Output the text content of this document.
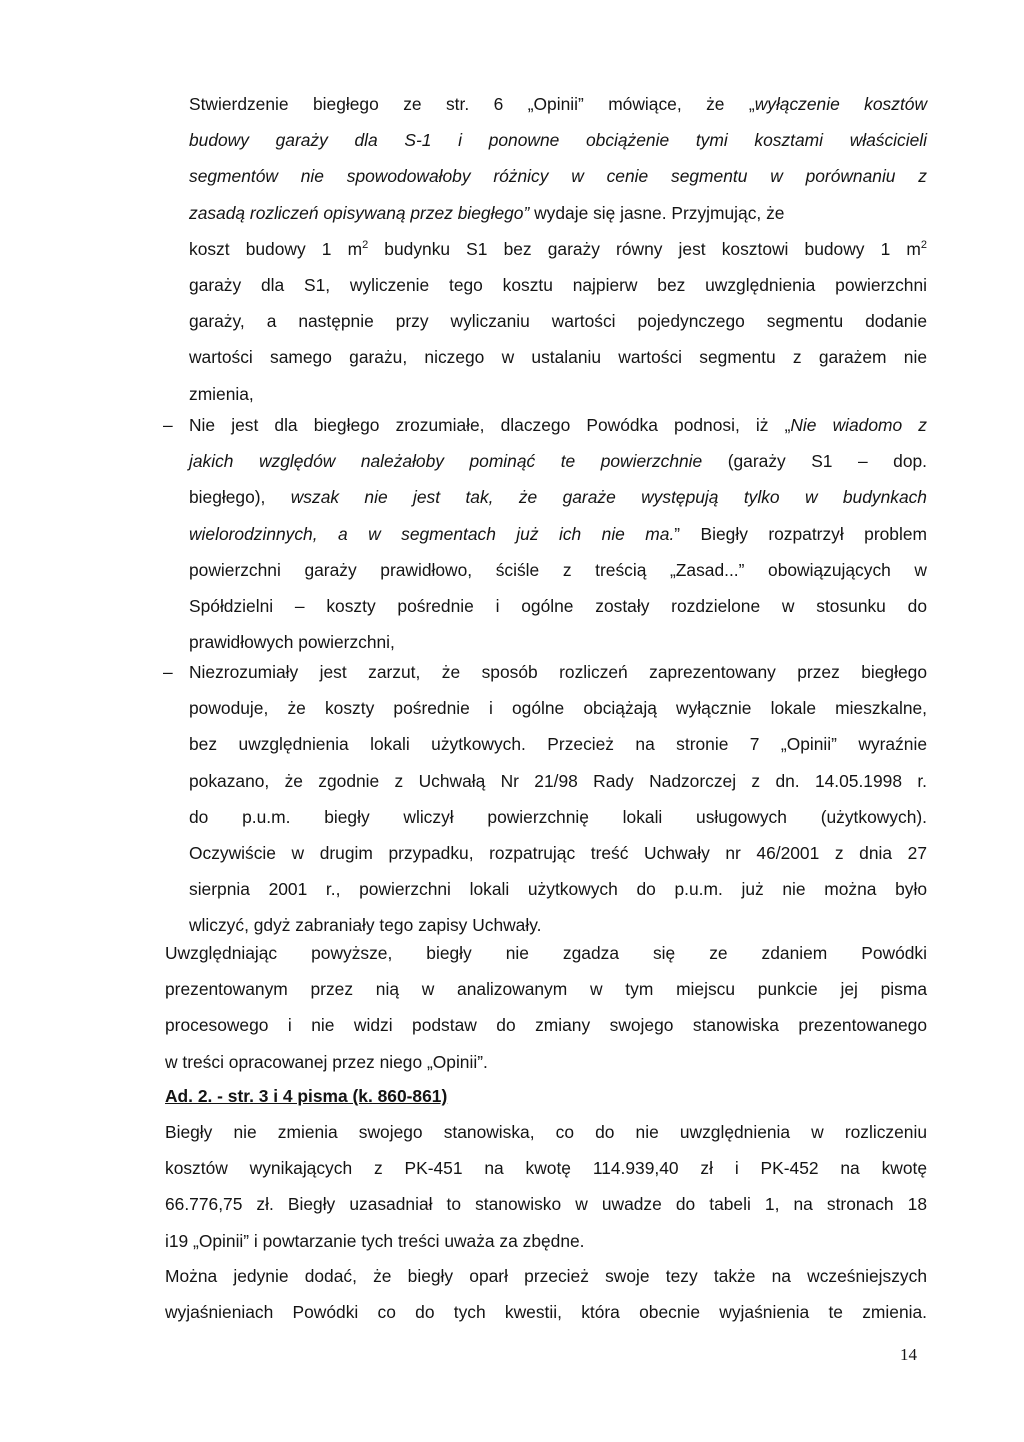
Stwierdzenie biegłego ze str. 6 „Opinii” mówiące, że „wyłączenie kosztów
budowy garaży dla S-1 i ponowne obciążenie tymi kosztami właścicieli
segmentów nie spowodowałoby różnicy w cenie segmentu w porównaniu z
zasadą rozliczeń opisywaną przez biegłego” wydaje się jasne. Przyjmując, że
koszt budowy 1 $m^2$ budynku S1 bez garaży równy jest kosztowi budowy 1 $m^2$
garaży dla S1, wyliczenie tego kosztu najpierw bez uwzględnienia powierzchni
garaży, a następnie przy wyliczaniu wartości pojedynczego segmentu dodanie
wartości samego garażu, niczego w ustalaniu wartości segmentu z garażem nie
zmienia,
– Nie jest dla biegłego zrozumiałe, dlaczego Powódka podnosi, iż „Nie wiadomo z
jakich względów należałoby pominąć te powierzchnie (garaży S1 – dop.
biegłego), wszak nie jest tak, że garaże występują tylko w budynkach
wielorodzinnych, a w segmentach już ich nie ma.” Biegły rozpatrzył problem
powierzchni garaży prawidłowo, ściśle z treścią „Zasad...” obowiązujących w
Spółdzielni – koszty pośrednie i ogólne zostały rozdzielone w stosunku do
prawidłowych powierzchni,
– Niezrozumiały jest zarzut, że sposób rozliczeń zaprezentowany przez biegłego
powoduje, że koszty pośrednie i ogólne obciążają wyłącznie lokale mieszkalne,
bez uwzględnienia lokali użytkowych. Przecież na stronie 7 „Opinii” wyraźnie
pokazano, że zgodnie z Uchwałą Nr 21/98 Rady Nadzorczej z dn. 14.05.1998 r.
do p.u.m. biegły wliczył powierzchnię lokali usługowych (użytkowych).
Oczywiście w drugim przypadku, rozpatrując treść Uchwały nr 46/2001 z dnia 27
sierpnia 2001 r., powierzchni lokali użytkowych do p.u.m. już nie można było
wliczyć, gdyż zabraniały tego zapisy Uchwały.
Uwzględniając powyższe, biegły nie zgadza się ze zdaniem Powódki
prezentowanym przez nią w analizowanym w tym miejscu punkcie jej pisma
procesowego i nie widzi podstaw do zmiany swojego stanowiska prezentowanego
w treści opracowanej przez niego „Opinii”.
Ad. 2. - str. 3 i 4 pisma (k. 860-861)
Biegły nie zmienia swojego stanowiska, co do nie uwzględnienia w rozliczeniu
kosztów wynikających z PK-451 na kwotę 114.939,40 zł i PK-452 na kwotę
66.776,75 zł. Biegły uzasadniał to stanowisko w uwadze do tabeli 1, na stronach 18
i19 „Opinii” i powtarzanie tych treści uważa za zbędne.
Można jedynie dodać, że biegły oparł przecież swoje tezy także na wcześniejszych
wyjaśnieniach Powódki co do tych kwestii, która obecnie wyjaśnienia te zmienia.
14
